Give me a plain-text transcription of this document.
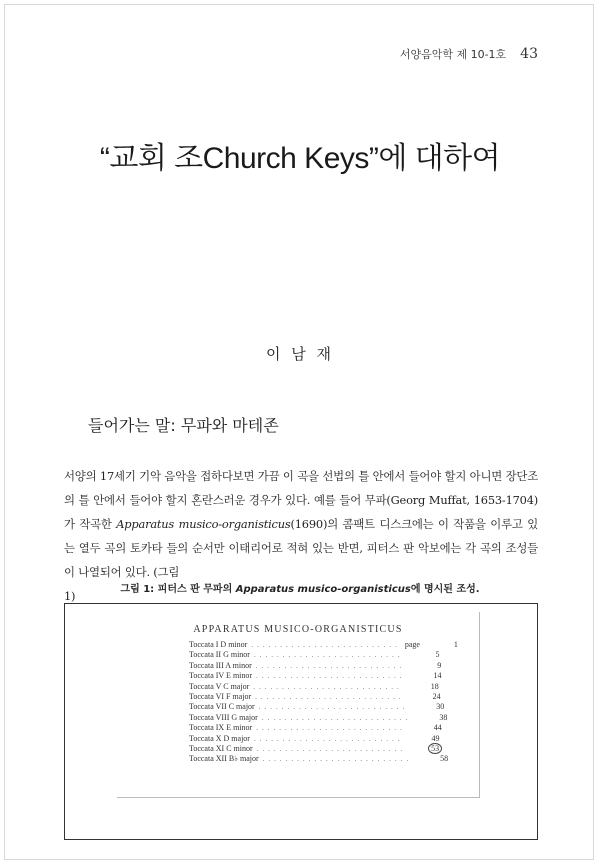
서양음악학 제 10-1호 43
“교회 조Church Keys”에 대하여
이 남 재
들어가는 말: 무파와 마테존
서양의 17세기 기악 음악을 접하다보면 가끔 이 곡을 선법의 틀 안에서 들어야 할지 아니면 장단조의 틀 안에서 들어야 할지 혼란스러운 경우가 있다. 예를 들어 무파(Georg Muffat, 1653-1704)가 작곡한 Apparatus musico-organisticus(1690)의 콤팩트 디스크에는 이 작품을 이루고 있는 열두 곡의 토카타 들의 순서만 이태리어로 적혀 있는 반면, 피터스 판 악보에는 각 곡의 조성들이 나열되어 있다. (그림
1)	그림 1: 피터스 판 무파의 Apparatus musico-organisticus에 명시된 조성.
APPARATUS MUSICO-ORGANISTICUS
Toccata I D minor .......................... page	1
Toccata II G minor ..........................	5
Toccata III A minor ..........................	9
Toccata IV E minor ..........................	14
Toccata V C major ..........................	18
Toccata VI F major ..........................	24
Toccata VII C major ..........................	30
Toccata VIII G major ..........................	38
Toccata IX E minor ..........................	44
Toccata X D major ..........................	49
Toccata XI C minor ..........................	53
Toccata XII B♭ major ..........................	58
